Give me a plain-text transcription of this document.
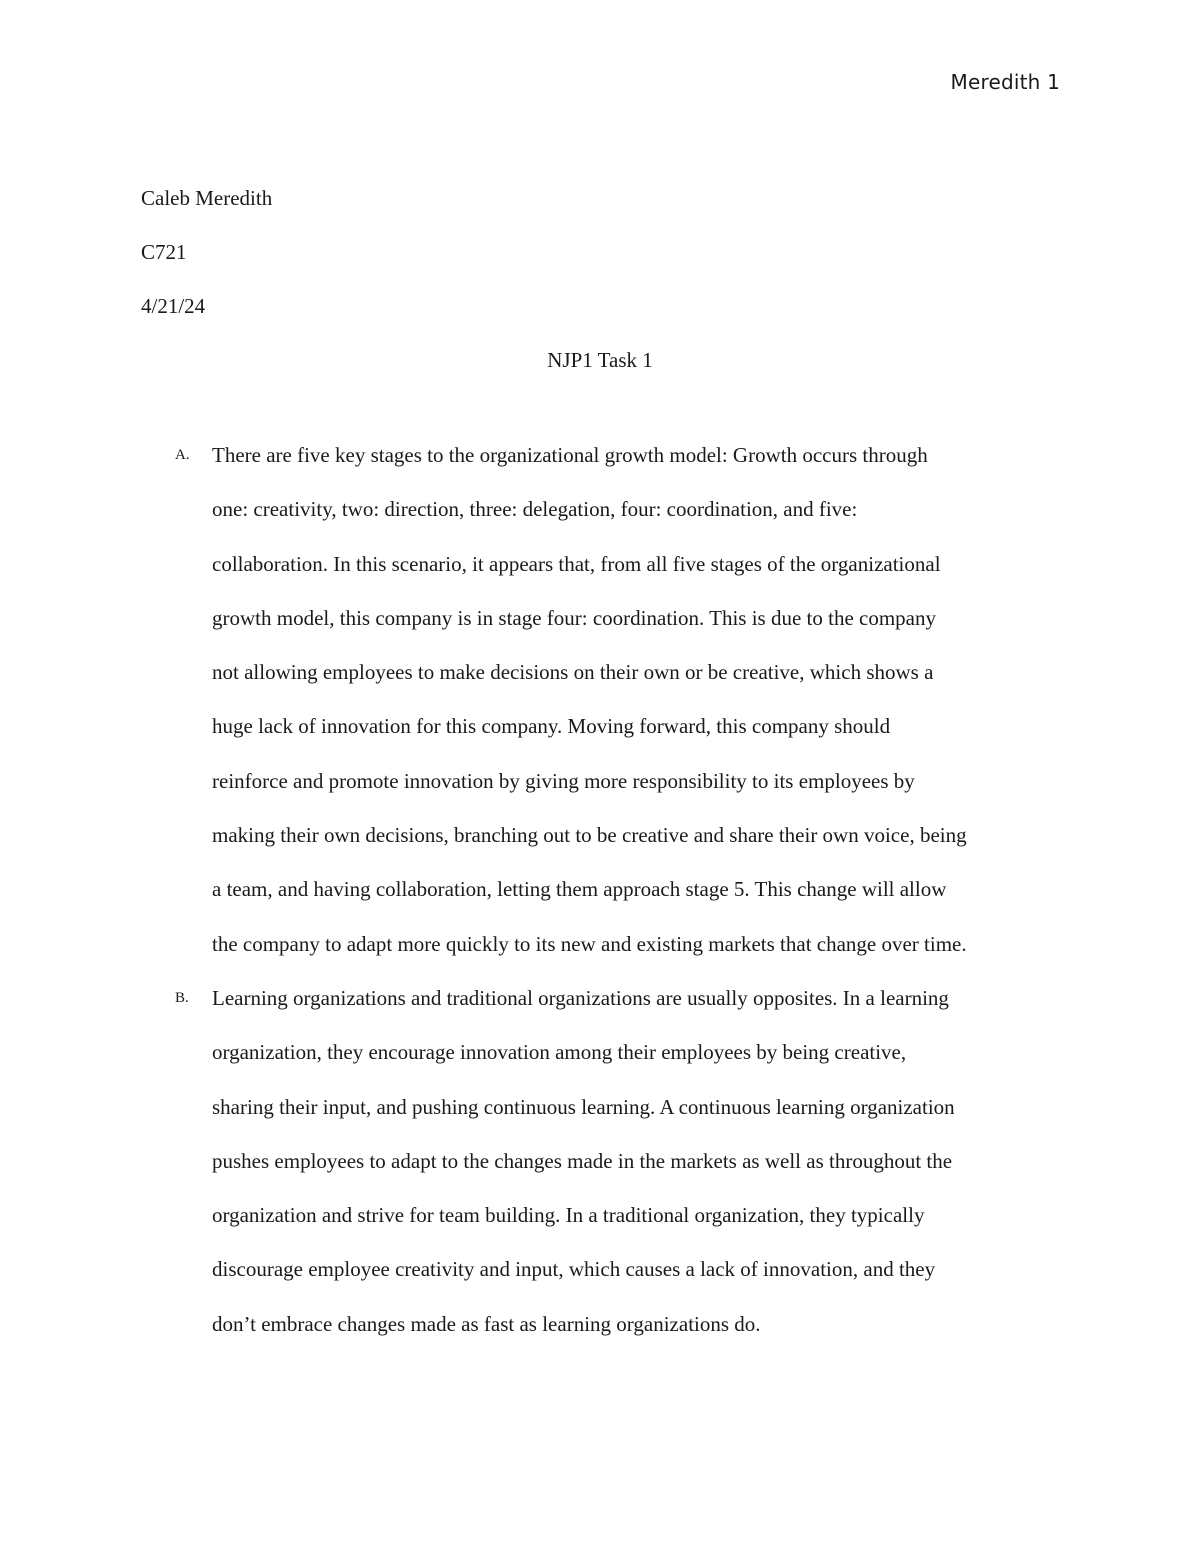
Meredith 1
Caleb Meredith
C721
4/21/24
NJP1 Task 1
A. There are five key stages to the organizational growth model: Growth occurs through
one: creativity, two: direction, three: delegation, four: coordination, and five:
collaboration. In this scenario, it appears that, from all five stages of the organizational
growth model, this company is in stage four: coordination. This is due to the company
not allowing employees to make decisions on their own or be creative, which shows a
huge lack of innovation for this company. Moving forward, this company should
reinforce and promote innovation by giving more responsibility to its employees by
making their own decisions, branching out to be creative and share their own voice, being
a team, and having collaboration, letting them approach stage 5. This change will allow
the company to adapt more quickly to its new and existing markets that change over time.
B. Learning organizations and traditional organizations are usually opposites. In a learning
organization, they encourage innovation among their employees by being creative,
sharing their input, and pushing continuous learning. A continuous learning organization
pushes employees to adapt to the changes made in the markets as well as throughout the
organization and strive for team building. In a traditional organization, they typically
discourage employee creativity and input, which causes a lack of innovation, and they
don’t embrace changes made as fast as learning organizations do.
